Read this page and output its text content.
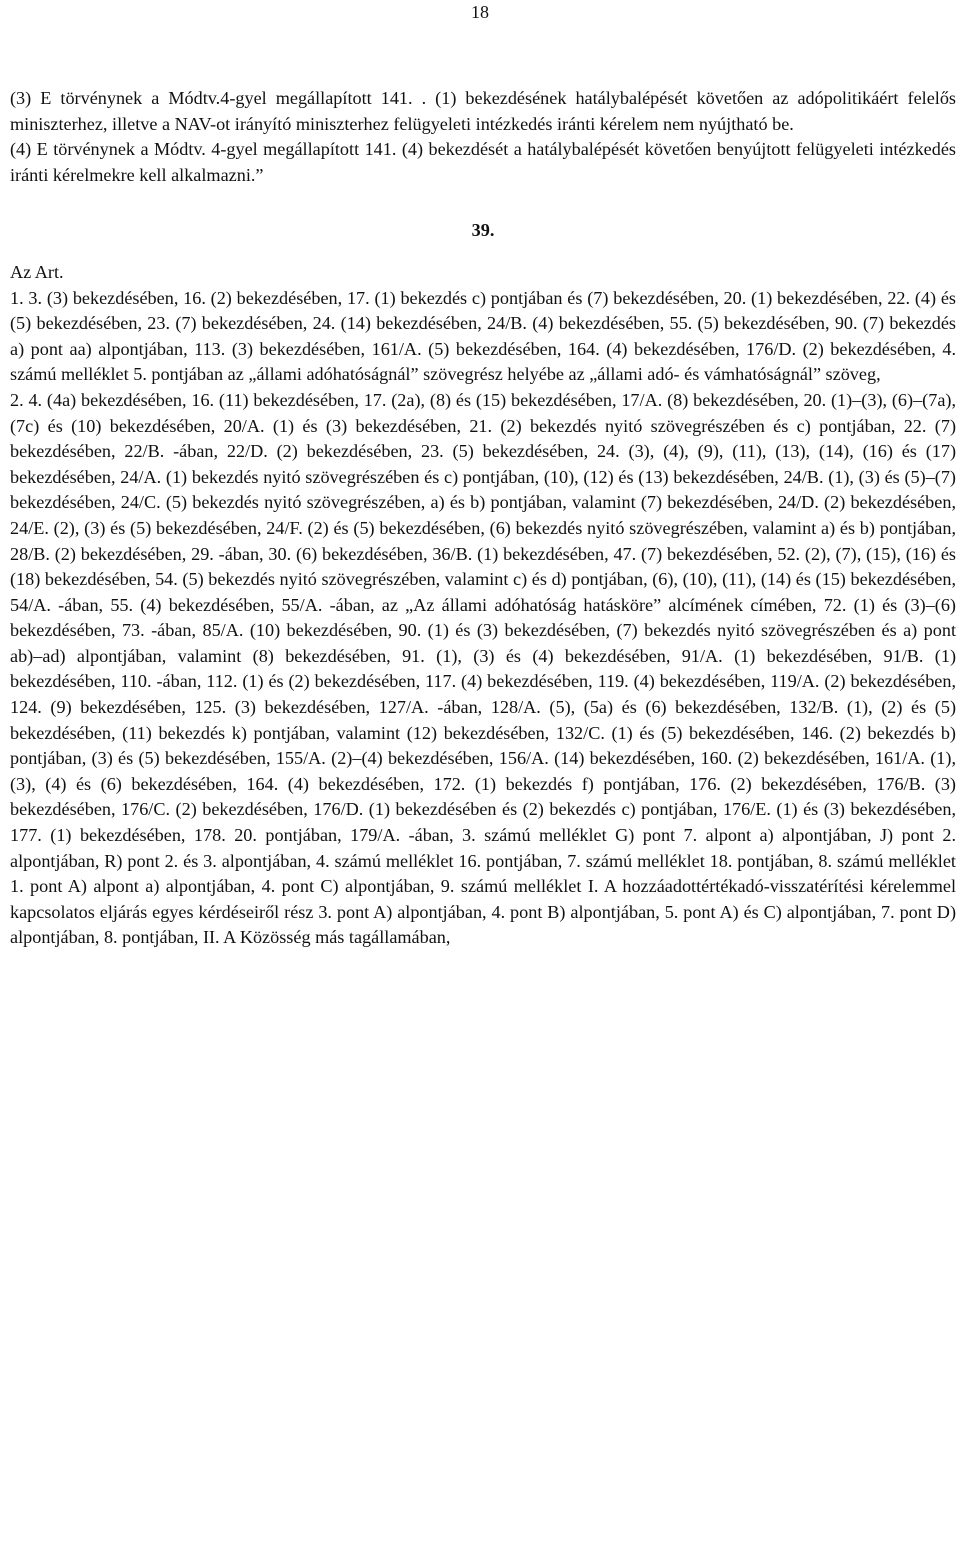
18

(3) E törvénynek a Módtv.4-gyel megállapított 141. . (1) bekezdésének hatálybalépését követően az adópolitikáért felelős miniszterhez, illetve a NAV-ot irányító miniszterhez felügyeleti intézkedés iránti kérelem nem nyújtható be.

(4) E törvénynek a Módtv. 4-gyel megállapított 141. (4) bekezdését a hatálybalépését követően benyújtott felügyeleti intézkedés iránti kérelmekre kell alkalmazni.”

39.
Az Art.

1. 3. (3) bekezdésében, 16. (2) bekezdésében, 17. (1) bekezdés c) pontjában és (7) bekezdésében, 20. (1) bekezdésében, 22. (4) és (5) bekezdésében, 23. (7) bekezdésében, 24. (14) bekezdésében, 24/B. (4) bekezdésében, 55. (5) bekezdésében, 90. (7) bekezdés a) pont aa) alpontjában, 113. (3) bekezdésében, 161/A. (5) bekezdésében, 164. (4) bekezdésében, 176/D. (2) bekezdésében, 4. számú melléklet 5. pontjában az „állami adóhatóságnál” szövegrész helyébe az „állami adó- és vámhatóságnál” szöveg,

2. 4. (4a) bekezdésében, 16. (11) bekezdésében, 17. (2a), (8) és (15) bekezdésében, 17/A. (8) bekezdésében, 20. (1)–(3), (6)–(7a), (7c) és (10) bekezdésében, 20/A. (1) és (3) bekezdésében, 21. (2) bekezdés nyitó szövegrészében és c) pontjában, 22. (7) bekezdésében, 22/B. -ában, 22/D. (2) bekezdésében, 23. (5) bekezdésében, 24. (3), (4), (9), (11), (13), (14), (16) és (17) bekezdésében, 24/A. (1) bekezdés nyitó szövegrészében és c) pontjában, (10), (12) és (13) bekezdésében, 24/B. (1), (3) és (5)–(7) bekezdésében, 24/C. (5) bekezdés nyitó szövegrészében, a) és b) pontjában, valamint (7) bekezdésében, 24/D. (2) bekezdésében, 24/E. (2), (3) és (5) bekezdésében, 24/F. (2) és (5) bekezdésében, (6) bekezdés nyitó szövegrészében, valamint a) és b) pontjában, 28/B. (2) bekezdésében, 29. -ában, 30. (6) bekezdésében, 36/B. (1) bekezdésében, 47. (7) bekezdésében, 52. (2), (7), (15), (16) és (18) bekezdésében, 54. (5) bekezdés nyitó szövegrészében, valamint c) és d) pontjában, (6), (10), (11), (14) és (15) bekezdésében, 54/A. -ában, 55. (4) bekezdésében, 55/A. -ában, az „Az állami adóhatóság hatásköre” alcímének címében, 72. (1) és (3)–(6) bekezdésében, 73. -ában, 85/A. (10) bekezdésében, 90. (1) és (3) bekezdésében, (7) bekezdés nyitó szövegrészében és a) pont ab)–ad) alpontjában, valamint (8) bekezdésében, 91. (1), (3) és (4) bekezdésében, 91/A. (1) bekezdésében, 91/B. (1) bekezdésében, 110. -ában, 112. (1) és (2) bekezdésében, 117. (4) bekezdésében, 119. (4) bekezdésében, 119/A. (2) bekezdésében, 124. (9) bekezdésében, 125. (3) bekezdésében, 127/A. -ában, 128/A. (5), (5a) és (6) bekezdésében, 132/B. (1), (2) és (5) bekezdésében, (11) bekezdés k) pontjában, valamint (12) bekezdésében, 132/C. (1) és (5) bekezdésében, 146. (2) bekezdés b) pontjában, (3) és (5) bekezdésében, 155/A. (2)–(4) bekezdésében, 156/A. (14) bekezdésében, 160. (2) bekezdésében, 161/A. (1), (3), (4) és (6) bekezdésében, 164. (4) bekezdésében, 172. (1) bekezdés f) pontjában, 176. (2) bekezdésében, 176/B. (3) bekezdésében, 176/C. (2) bekezdésében, 176/D. (1) bekezdésében és (2) bekezdés c) pontjában, 176/E. (1) és (3) bekezdésében, 177. (1) bekezdésében, 178. 20. pontjában, 179/A. -ában, 3. számú melléklet G) pont 7. alpont a) alpontjában, J) pont 2. alpontjában, R) pont 2. és 3. alpontjában, 4. számú melléklet 16. pontjában, 7. számú melléklet 18. pontjában, 8. számú melléklet 1. pont A) alpont a) alpontjában, 4. pont C) alpontjában, 9. számú melléklet I. A hozzáadottértékadó-visszatérítési kérelemmel kapcsolatos eljárás egyes kérdéseiről rész 3. pont A) alpontjában, 4. pont B) alpontjában, 5. pont A) és C) alpontjában, 7. pont D) alpontjában, 8. pontjában, II. A Közösség más tagállamában,
